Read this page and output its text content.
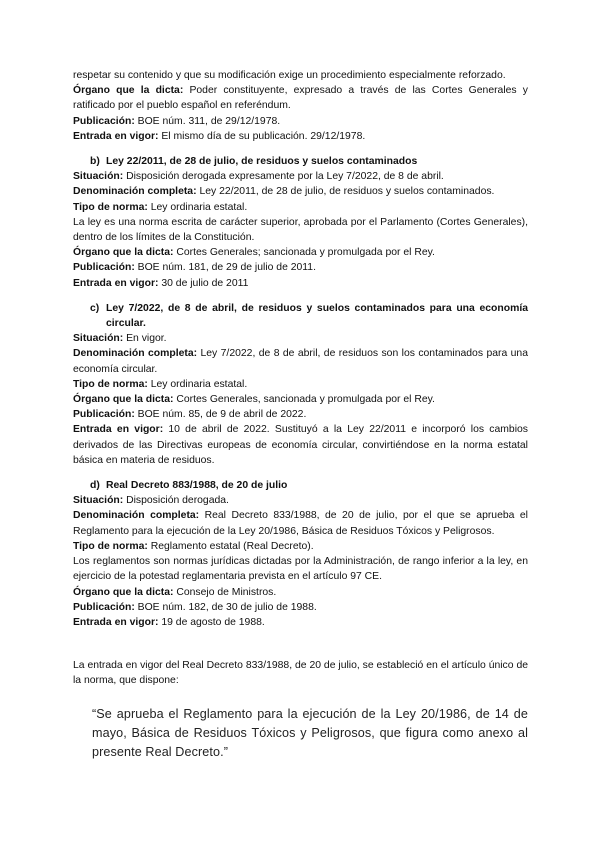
respetar su contenido y que su modificación exige un procedimiento especialmente reforzado.

Órgano que la dicta: Poder constituyente, expresado a través de las Cortes Generales y ratificado por el pueblo español en referéndum.

Publicación: BOE núm. 311, de 29/12/1978.

Entrada en vigor: El mismo día de su publicación. 29/12/1978.

b) Ley 22/2011, de 28 de julio, de residuos y suelos contaminados

Situación: Disposición derogada expresamente por la Ley 7/2022, de 8 de abril.

Denominación completa: Ley 22/2011, de 28 de julio, de residuos y suelos contaminados.

Tipo de norma: Ley ordinaria estatal.

La ley es una norma escrita de carácter superior, aprobada por el Parlamento (Cortes Generales), dentro de los límites de la Constitución.

Órgano que la dicta: Cortes Generales; sancionada y promulgada por el Rey.

Publicación: BOE núm. 181, de 29 de julio de 2011.

Entrada en vigor: 30 de julio de 2011

c) Ley 7/2022, de 8 de abril, de residuos y suelos contaminados para una economía circular.

Situación: En vigor.

Denominación completa: Ley 7/2022, de 8 de abril, de residuos son los contaminados para una economía circular.

Tipo de norma: Ley ordinaria estatal.

Órgano que la dicta: Cortes Generales, sancionada y promulgada por el Rey.

Publicación: BOE núm. 85, de 9 de abril de 2022.

Entrada en vigor: 10 de abril de 2022. Sustituyó a la Ley 22/2011 e incorporó los cambios derivados de las Directivas europeas de economía circular, convirtiéndose en la norma estatal básica en materia de residuos.

d) Real Decreto 883/1988, de 20 de julio

Situación: Disposición derogada.

Denominación completa: Real Decreto 833/1988, de 20 de julio, por el que se aprueba el Reglamento para la ejecución de la Ley 20/1986, Básica de Residuos Tóxicos y Peligrosos.

Tipo de norma: Reglamento estatal (Real Decreto).

Los reglamentos son normas jurídicas dictadas por la Administración, de rango inferior a la ley, en ejercicio de la potestad reglamentaria prevista en el artículo 97 CE.

Órgano que la dicta: Consejo de Ministros.

Publicación: BOE núm. 182, de 30 de julio de 1988.

Entrada en vigor: 19 de agosto de 1988.

La entrada en vigor del Real Decreto 833/1988, de 20 de julio, se estableció en el artículo único de la norma, que dispone:

“Se aprueba el Reglamento para la ejecución de la Ley 20/1986, de 14 de mayo, Básica de Residuos Tóxicos y Peligrosos, que figura como anexo al presente Real Decreto.”
